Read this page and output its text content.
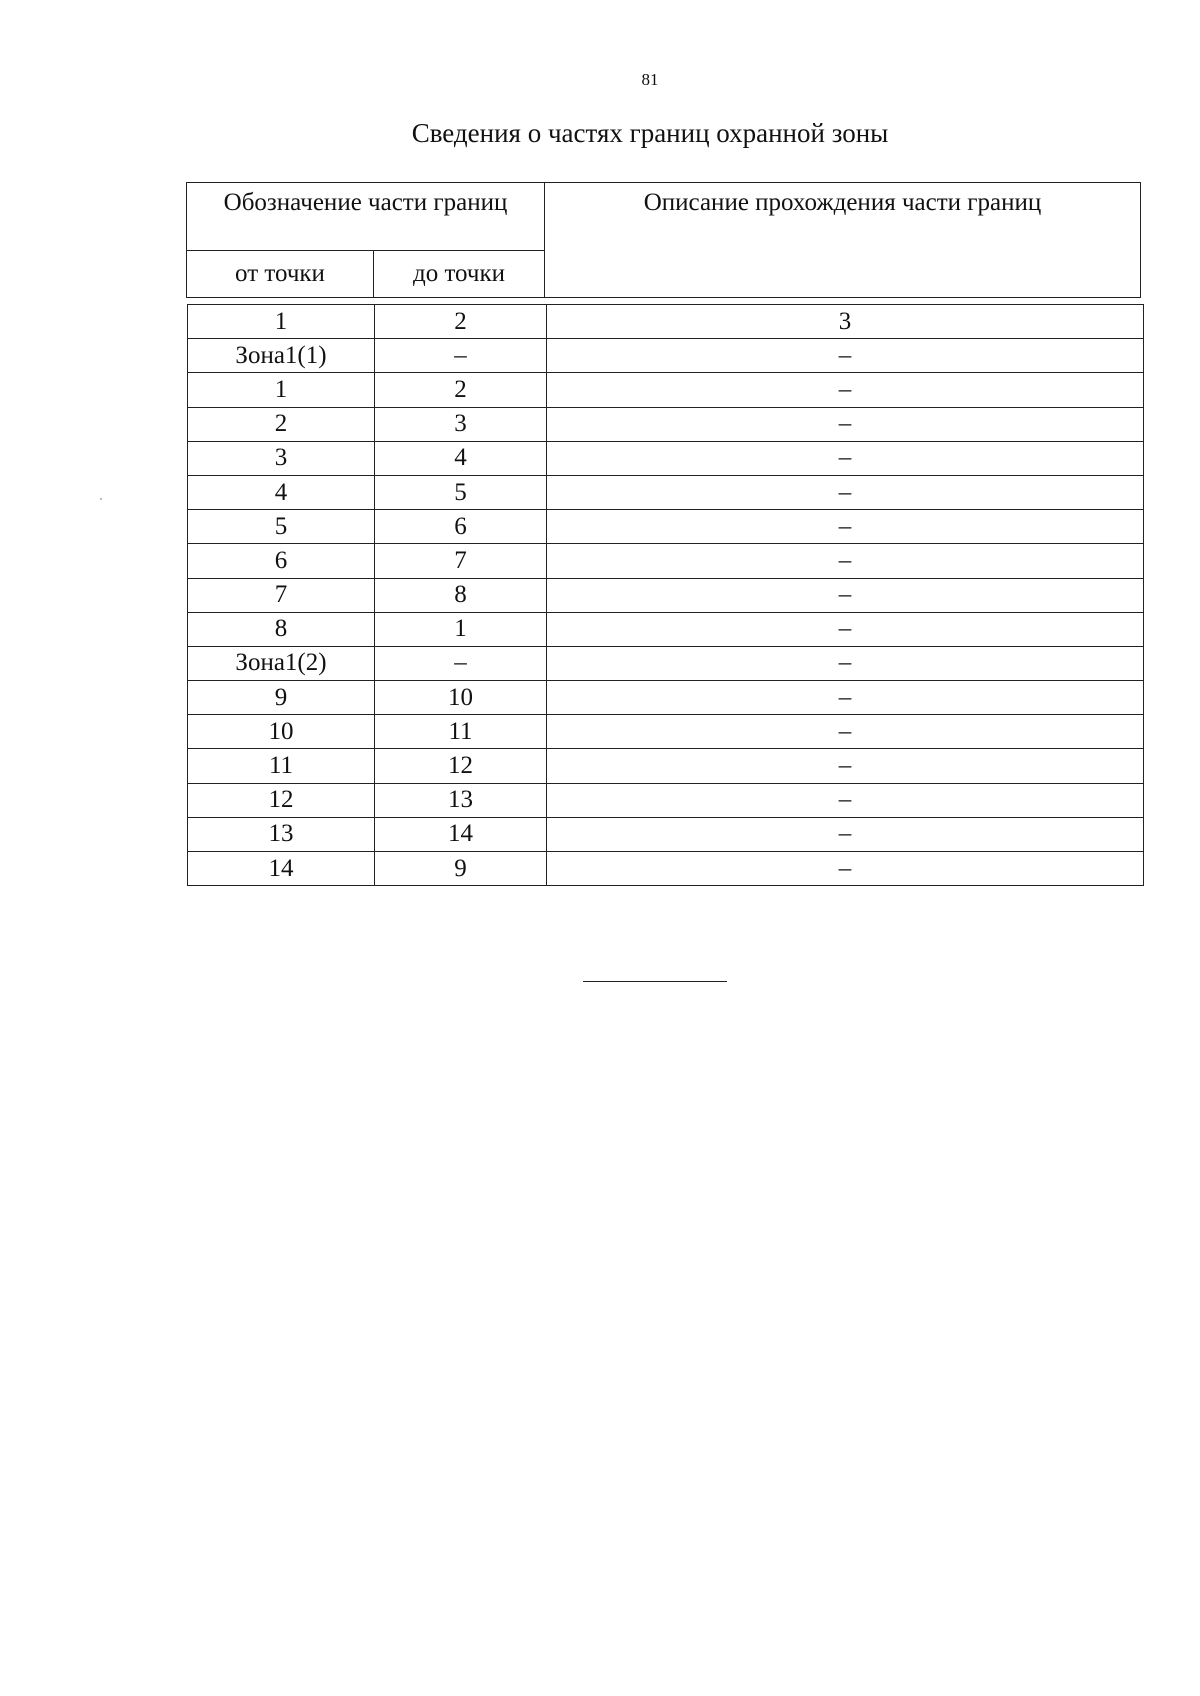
81
Сведения о частях границ охранной зоны
Обозначение части границ		Описание прохождения части границ
от точки	до точки	
1	2	3
Зона1(1)	–	–
1	2	–
2	3	–
3	4	–
4	5	–
5	6	–
6	7	–
7	8	–
8	1	–
Зона1(2)	–	–
9	10	–
10	11	–
11	12	–
12	13	–
13	14	–
14	9	–
